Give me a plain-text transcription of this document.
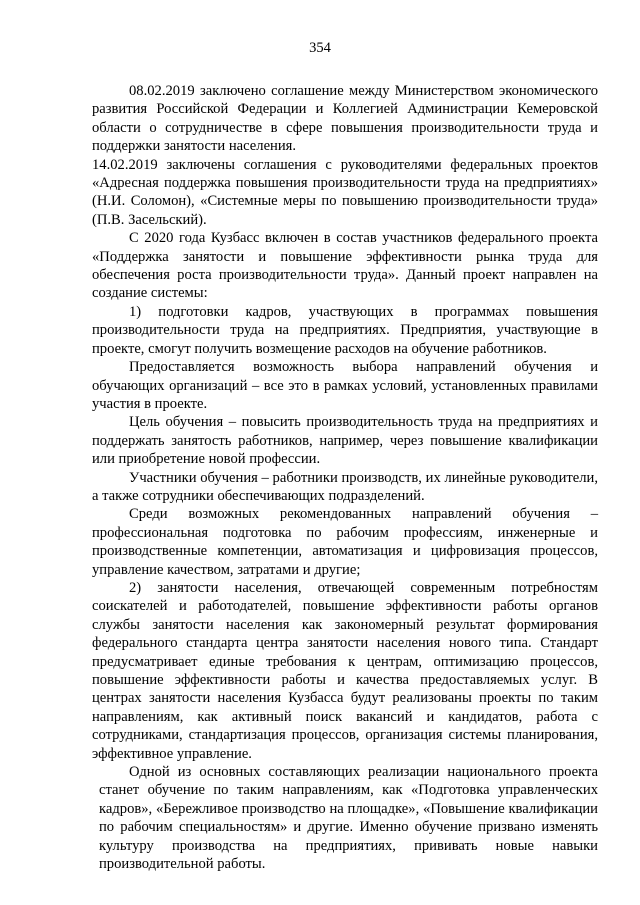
354

08.02.2019 заключено соглашение между Министерством экономического развития Российской Федерации и Коллегией Администрации Кемеровской области о сотрудничестве в сфере повышения производительности труда и поддержки занятости населения.

14.02.2019 заключены соглашения с руководителями федеральных проектов «Адресная поддержка повышения производительности труда на предприятиях» (Н.И. Соломон), «Системные меры по повышению производительности труда» (П.В. Засельский).

С 2020 года Кузбасс включен в состав участников федерального проекта «Поддержка занятости и повышение эффективности рынка труда для обеспечения роста производительности труда». Данный проект направлен на создание системы:

1) подготовки кадров, участвующих в программах повышения производительности труда на предприятиях. Предприятия, участвующие в проекте, смогут получить возмещение расходов на обучение работников.

Предоставляется возможность выбора направлений обучения и обучающих организаций – все это в рамках условий, установленных правилами участия в проекте.

Цель обучения – повысить производительность труда на предприятиях и поддержать занятость работников, например, через повышение квалификации или приобретение новой профессии.

Участники обучения – работники производств, их линейные руководители, а также сотрудники обеспечивающих подразделений.

Среди возможных рекомендованных направлений обучения – профессиональная подготовка по рабочим профессиям, инженерные и производственные компетенции, автоматизация и цифровизация процессов, управление качеством, затратами и другие;

2) занятости населения, отвечающей современным потребностям соискателей и работодателей, повышение эффективности работы органов службы занятости населения как закономерный результат формирования федерального стандарта центра занятости населения нового типа. Стандарт предусматривает единые требования к центрам, оптимизацию процессов, повышение эффективности работы и качества предоставляемых услуг. В центрах занятости населения Кузбасса будут реализованы проекты по таким направлениям, как активный поиск вакансий и кандидатов, работа с сотрудниками, стандартизация процессов, организация системы планирования, эффективное управление.

Одной из основных составляющих реализации национального проекта станет обучение по таким направлениям, как «Подготовка управленческих кадров», «Бережливое производство на площадке», «Повышение квалификации по рабочим специальностям» и другие. Именно обучение призвано изменять культуру производства на предприятиях, прививать новые навыки производительной работы.
